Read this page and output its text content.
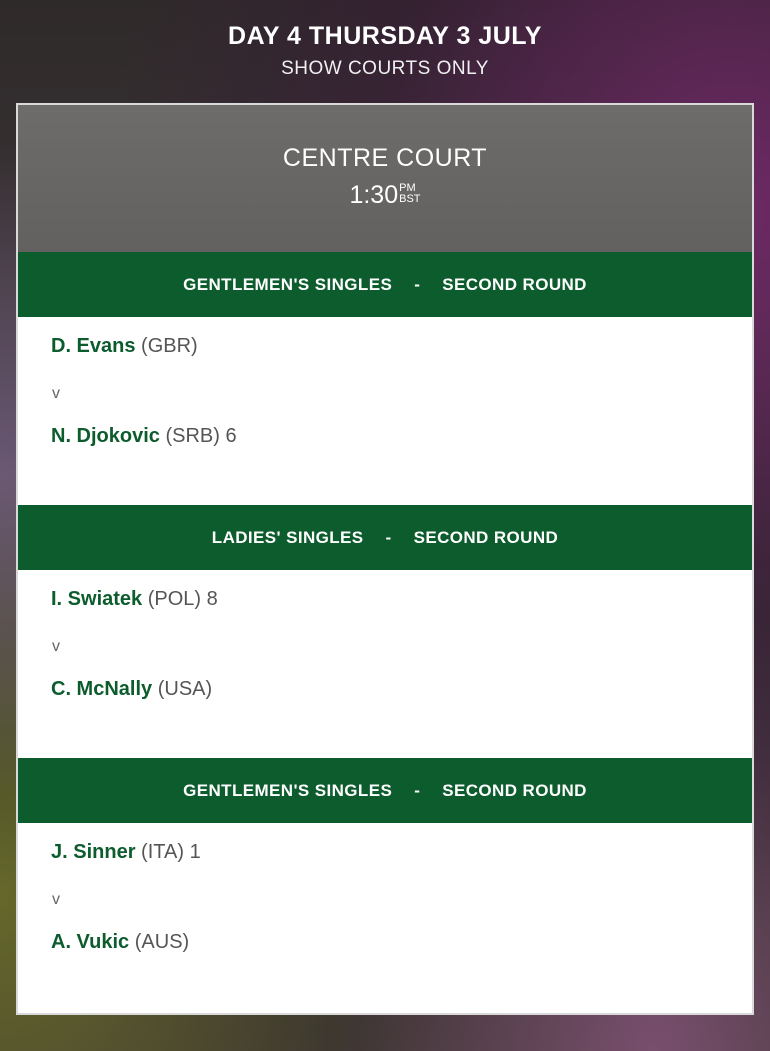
DAY 4 THURSDAY 3 JULY
SHOW COURTS ONLY
CENTRE COURT
1:30PM
BST
GENTLEMEN'S SINGLES - SECOND ROUND
D. Evans (GBR)
v
N. Djokovic (SRB) 6
LADIES' SINGLES - SECOND ROUND
I. Swiatek (POL) 8
v
C. McNally (USA)
GENTLEMEN'S SINGLES - SECOND ROUND
J. Sinner (ITA) 1
v
A. Vukic (AUS)
